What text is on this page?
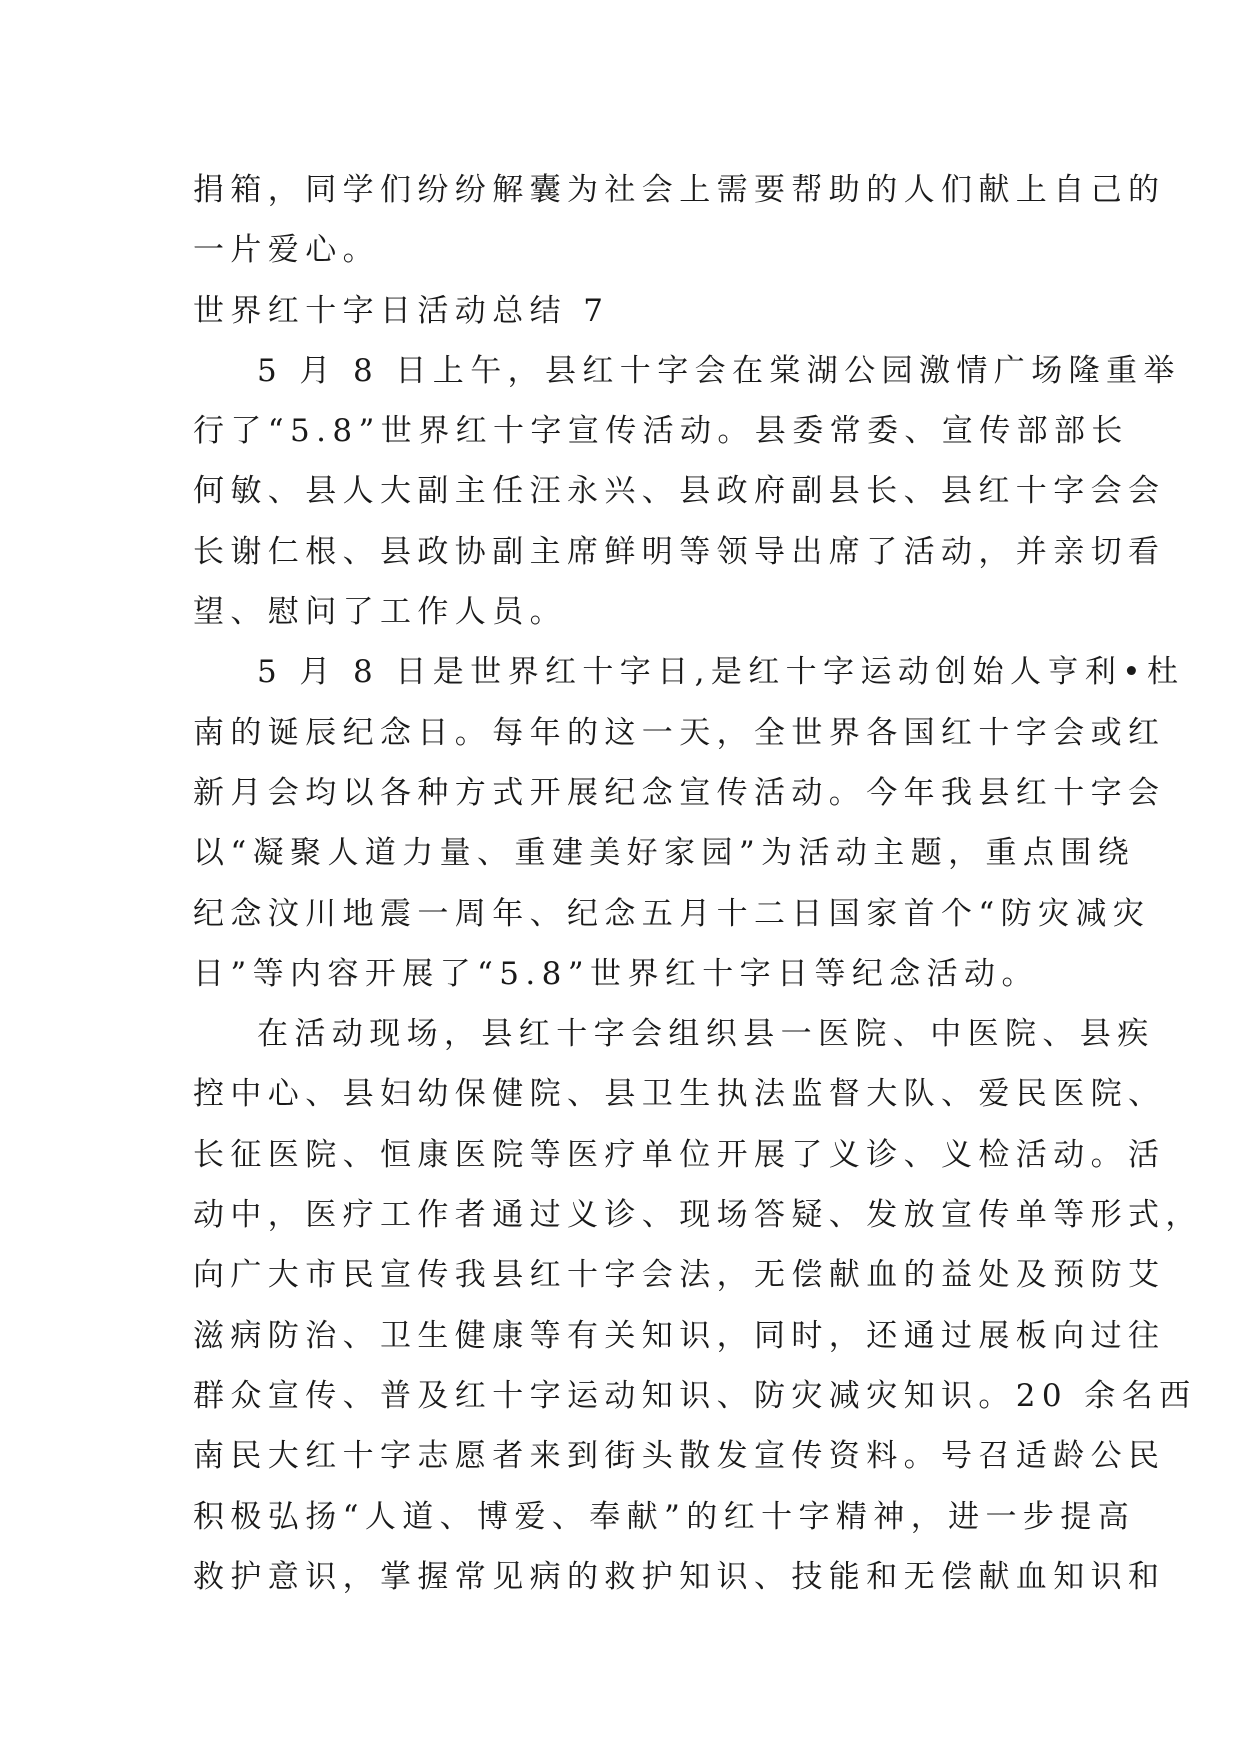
捐箱，同学们纷纷解囊为社会上需要帮助的人们献上自己的
一片爱心。
世界红十字日活动总结 7
5 月 8 日上午，县红十字会在棠湖公园激情广场隆重举
行了“5.8”世界红十字宣传活动。县委常委、宣传部部长
何敏、县人大副主任汪永兴、县政府副县长、县红十字会会
长谢仁根、县政协副主席鲜明等领导出席了活动，并亲切看
望、慰问了工作人员。
5 月 8 日是世界红十字日,是红十字运动创始人亨利•杜
南的诞辰纪念日。每年的这一天，全世界各国红十字会或红
新月会均以各种方式开展纪念宣传活动。今年我县红十字会
以“凝聚人道力量、重建美好家园”为活动主题，重点围绕
纪念汶川地震一周年、纪念五月十二日国家首个“防灾减灾
日”等内容开展了“5.8”世界红十字日等纪念活动。
在活动现场，县红十字会组织县一医院、中医院、县疾
控中心、县妇幼保健院、县卫生执法监督大队、爱民医院、
长征医院、恒康医院等医疗单位开展了义诊、义检活动。活
动中，医疗工作者通过义诊、现场答疑、发放宣传单等形式，
向广大市民宣传我县红十字会法，无偿献血的益处及预防艾
滋病防治、卫生健康等有关知识，同时，还通过展板向过往
群众宣传、普及红十字运动知识、防灾减灾知识。20 余名西
南民大红十字志愿者来到街头散发宣传资料。号召适龄公民
积极弘扬“人道、博爱、奉献”的红十字精神，进一步提高
救护意识，掌握常见病的救护知识、技能和无偿献血知识和
